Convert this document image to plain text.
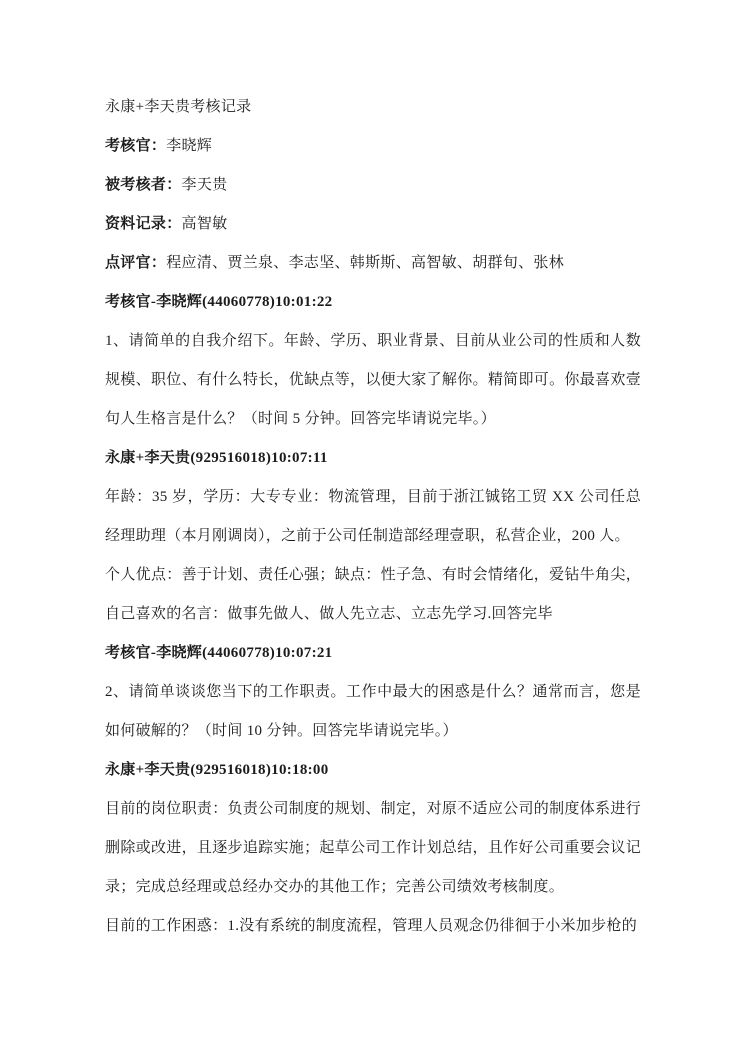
永康+李天贵考核记录
考核官：李晓辉
被考核者：李天贵
资料记录：高智敏
点评官：程应清、贾兰泉、李志坚、韩斯斯、高智敏、胡群旬、张林
考核官-李晓辉(44060778)10:01:22

1、请简单的自我介绍下。年龄、学历、职业背景、目前从业公司的性质和人数规模、职位、有什么特长，优缺点等，以便大家了解你。精简即可。你最喜欢壹句人生格言是什么？（时间 5 分钟。回答完毕请说完毕。）

永康+李天贵(929516018)10:07:11

年龄：35 岁，学历：大专专业：物流管理，目前于浙江铖铭工贸 XX 公司任总经理助理（本月刚调岗），之前于公司任制造部经理壹职，私营企业，200 人。

个人优点：善于计划、责任心强；缺点：性子急、有时会情绪化，爱钻牛角尖，自己喜欢的名言：做事先做人、做人先立志、立志先学习.回答完毕

考核官-李晓辉(44060778)10:07:21

2、请简单谈谈您当下的工作职责。工作中最大的困惑是什么？通常而言，您是如何破解的？（时间 10 分钟。回答完毕请说完毕。）

永康+李天贵(929516018)10:18:00

目前的岗位职责：负责公司制度的规划、制定，对原不适应公司的制度体系进行删除或改进，且逐步追踪实施；起草公司工作计划总结，且作好公司重要会议记录；完成总经理或总经办交办的其他工作；完善公司绩效考核制度。

目前的工作困惑：1.没有系统的制度流程，管理人员观念仍徘徊于小米加步枪的
